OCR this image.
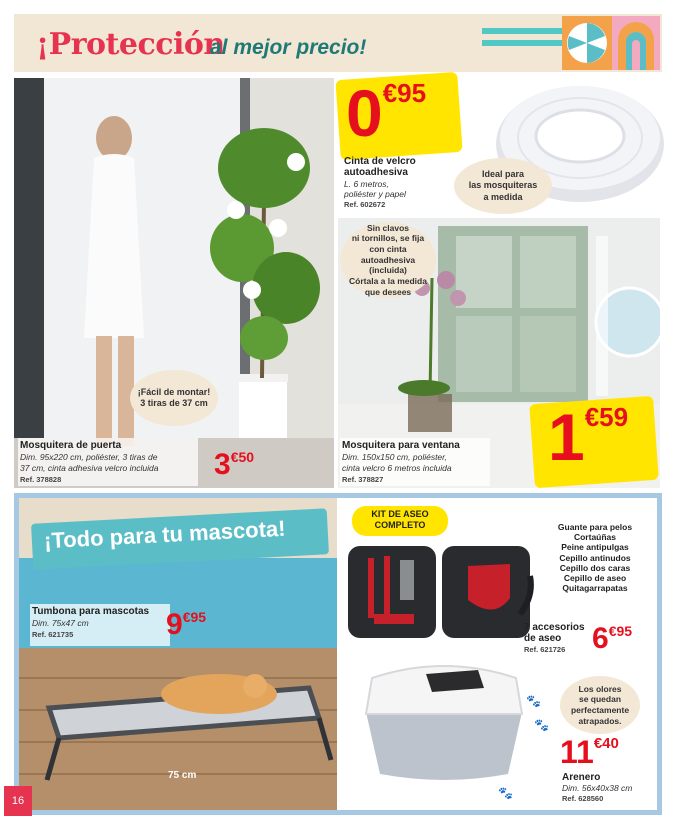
¡Protección
al mejor precio!
¡Fácil de montar!
3 tiras de 37 cm
Mosquitera de puerta
Dim. 95x220 cm, poliéster, 3 tiras de
37 cm, cinta adhesiva velcro incluida
Ref. 378828	3€50
0€95
Cinta de velcro
autoadhesiva
L. 6 metros,
poliéster y papel
Ref. 602672
Ideal para
las mosquiteras
a medida
Sin clavos
ni tornillos, se fija
con cinta autoadhesiva
(incluida)
Córtala a la medida
que desees
Mosquitera para ventana
Dim. 150x150 cm, poliéster,
cinta velcro 6 metros incluida
Ref. 378827
1€59
¡Todo para tu mascota!
Tumbona para mascotas
Dim. 75x47 cm
Ref. 621735	9€95
75 cm
KIT DE ASEO
COMPLETO
7 accesorios
de aseo
Ref. 621726 6€95
Guante para pelos
Cortaúñas
Peine antipulgas
Cepillo antinudos
Cepillo dos caras
Cepillo de aseo
Quitagarrapatas
Los olores
se quedan
perfectamente
atrapados.
🐾
🐾
🐾
11€40
Arenero
Dim. 56x40x38 cm
Ref. 628560
16
